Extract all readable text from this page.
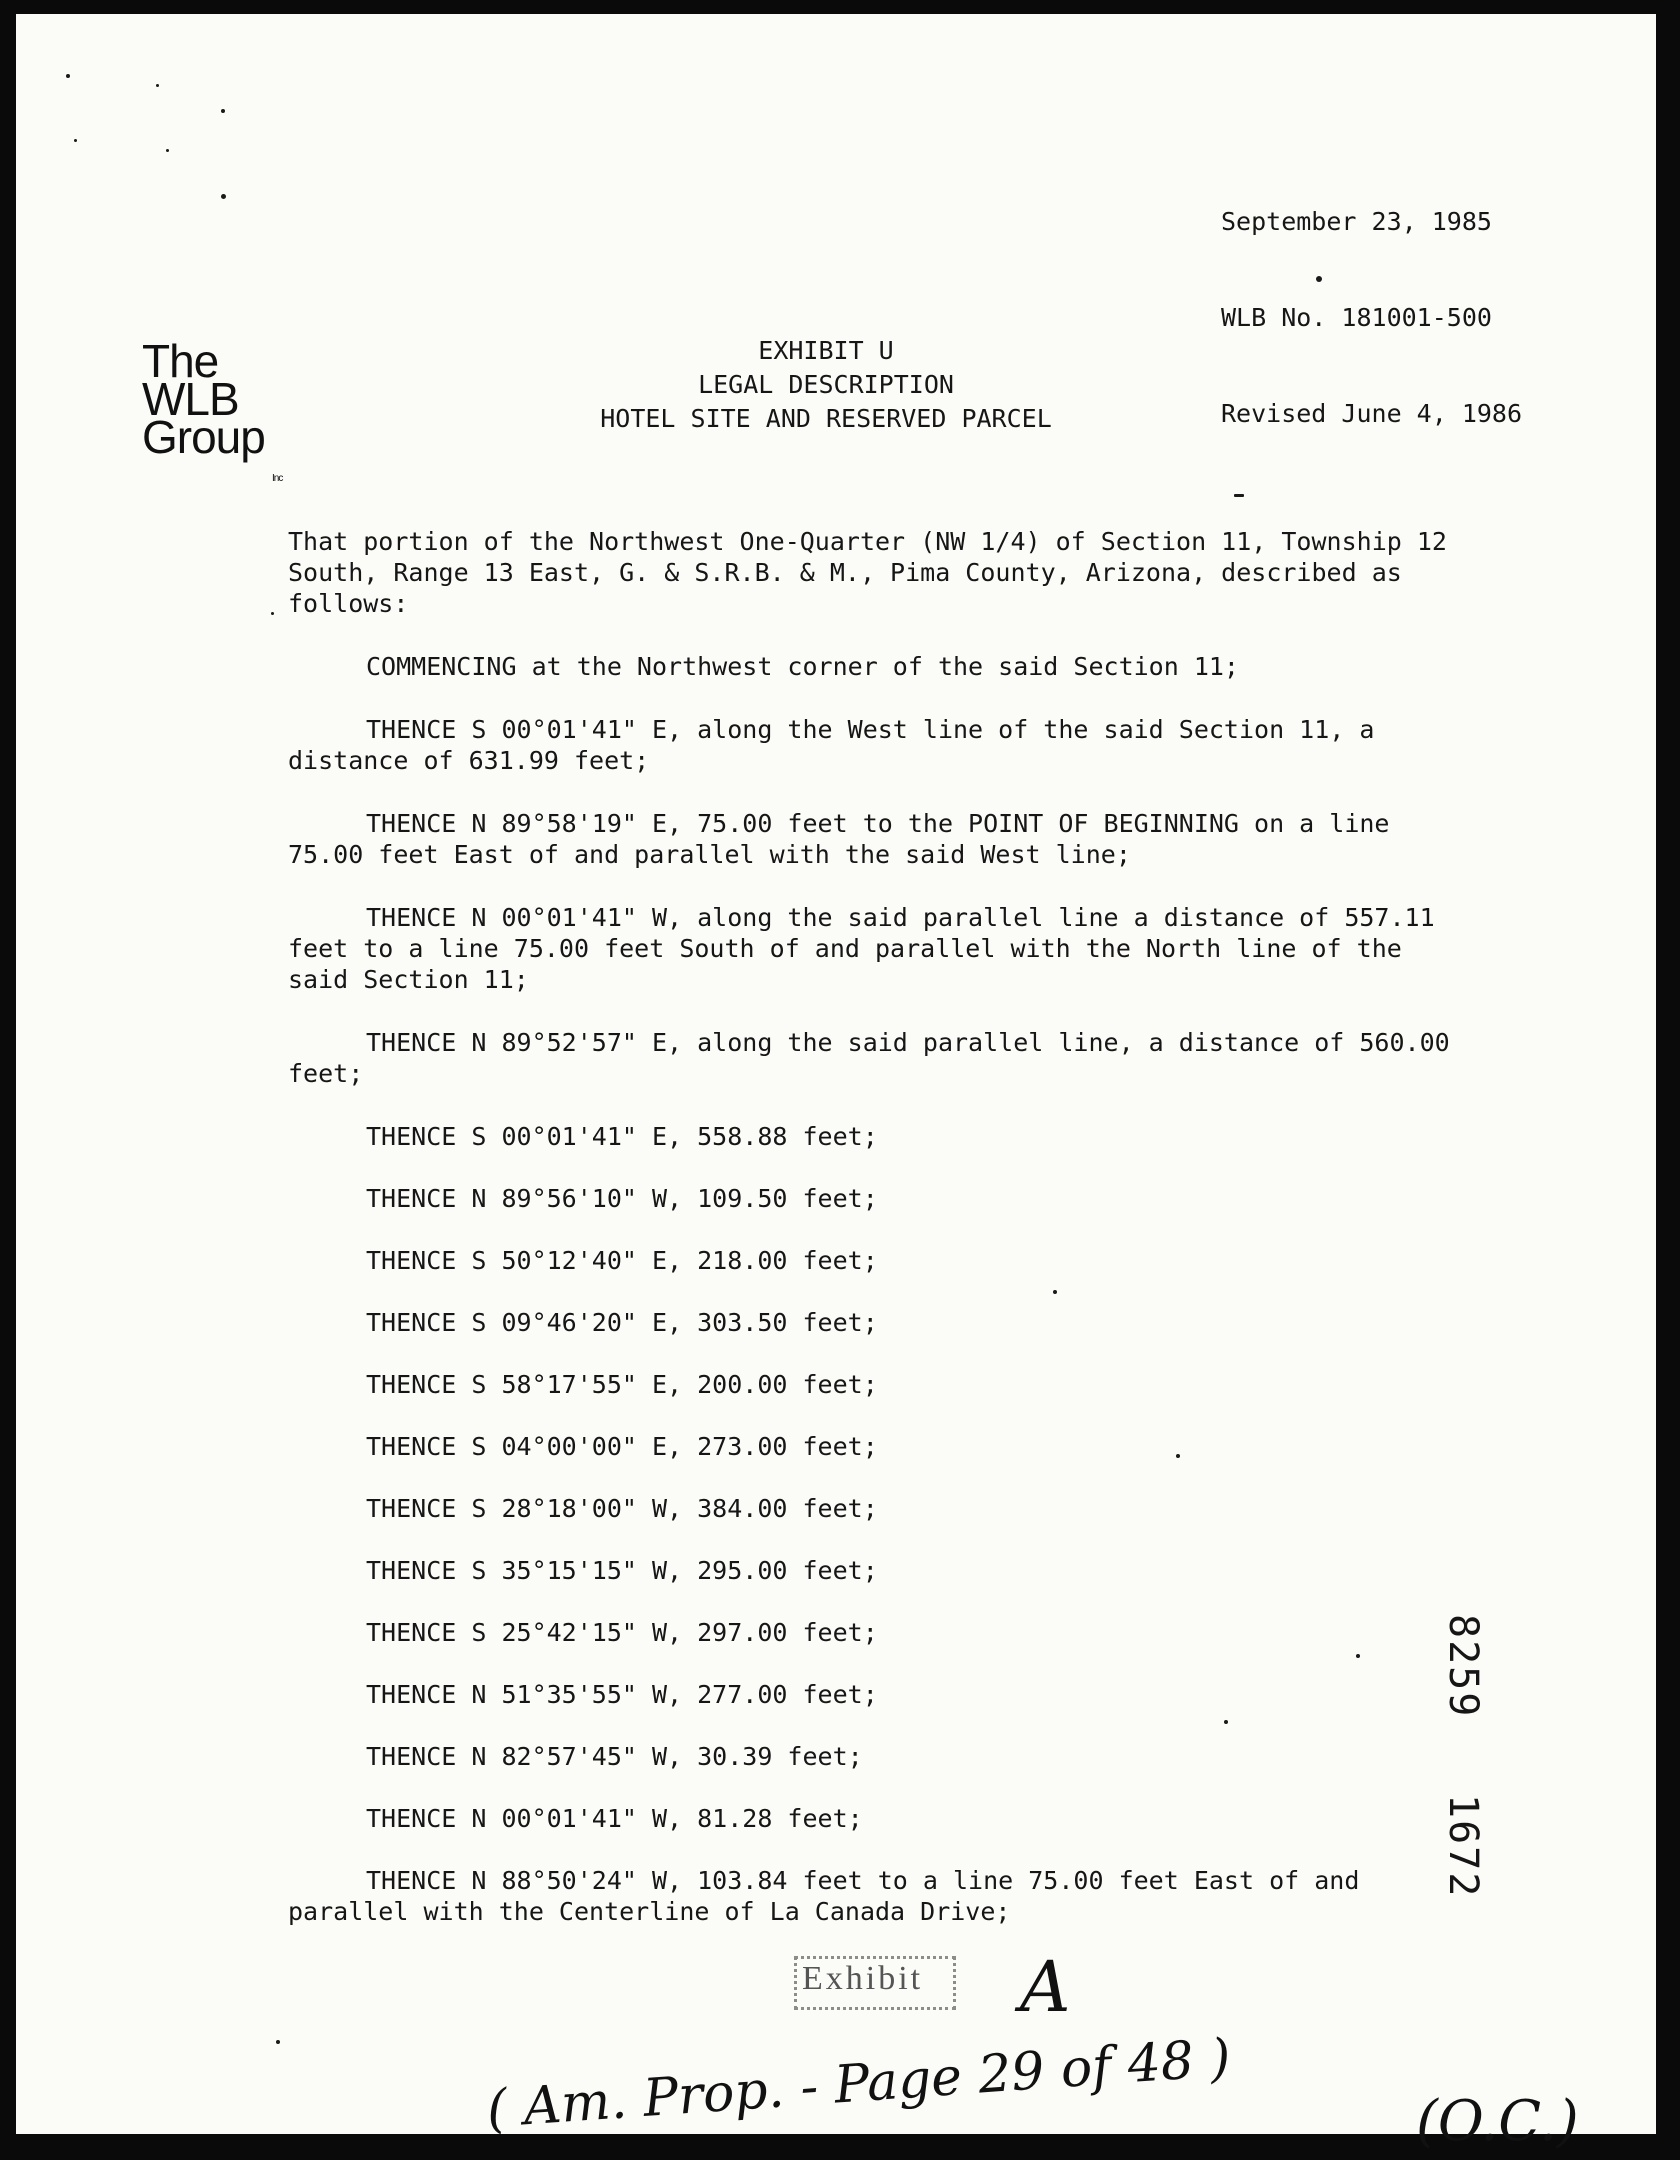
September 23, 1985

WLB No. 181001-500

Revised June 4, 1986

The
WLB
Group
Inc
EXHIBIT U
LEGAL DESCRIPTION
HOTEL SITE AND RESERVED PARCEL

That portion of the Northwest One-Quarter (NW 1/4) of Section 11, Township 12 South, Range 13 East, G. & S.R.B. & M., Pima County, Arizona, described as follows:

COMMENCING at the Northwest corner of the said Section 11;

THENCE S 00°01'41" E, along the West line of the said Section 11, a distance of 631.99 feet;

THENCE N 89°58'19" E, 75.00 feet to the POINT OF BEGINNING on a line 75.00 feet East of and parallel with the said West line;

THENCE N 00°01'41" W, along the said parallel line a distance of 557.11 feet to a line 75.00 feet South of and parallel with the North line of the said Section 11;

THENCE N 89°52'57" E, along the said parallel line, a distance of 560.00 feet;

THENCE S 00°01'41" E, 558.88 feet;
THENCE N 89°56'10" W, 109.50 feet;
THENCE S 50°12'40" E, 218.00 feet;
THENCE S 09°46'20" E, 303.50 feet;
THENCE S 58°17'55" E, 200.00 feet;
THENCE S 04°00'00" E, 273.00 feet;
THENCE S 28°18'00" W, 384.00 feet;
THENCE S 35°15'15" W, 295.00 feet;
THENCE S 25°42'15" W, 297.00 feet;
THENCE N 51°35'55" W, 277.00 feet;
THENCE N 82°57'45" W, 30.39 feet;
THENCE N 00°01'41" W, 81.28 feet;

THENCE N 88°50'24" W, 103.84 feet to a line 75.00 feet East of and parallel with the Centerline of La Canada Drive;

8259
1672
Exhibit A
( Am. Prop. - Page 29 of 48 )	(O.C.)
